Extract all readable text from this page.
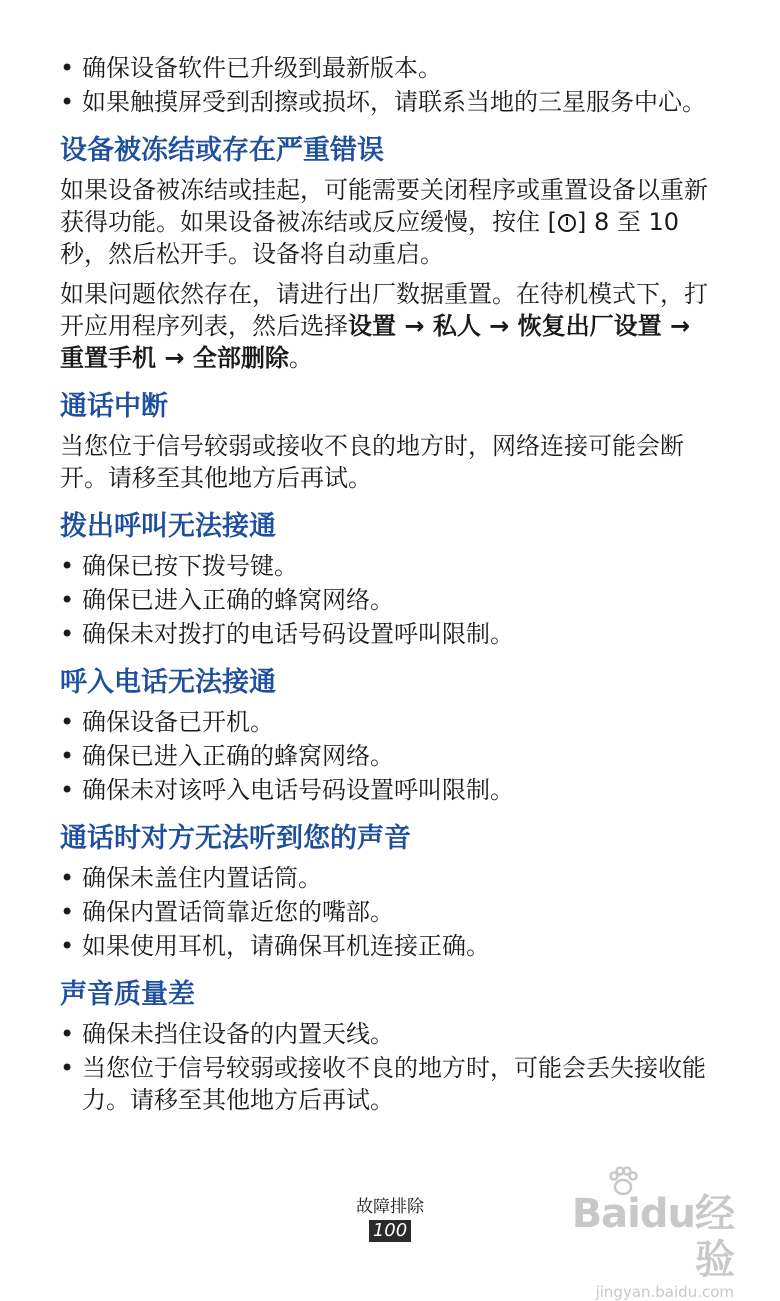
• 确保设备软件已升级到最新版本。
• 如果触摸屏受到刮擦或损坏，请联系当地的三星服务中心。
设备被冻结或存在严重错误

如果设备被冻结或挂起，可能需要关闭程序或重置设备以重新获得功能。如果设备被冻结或反应缓慢，按住 [ ] 8 至 10 秒，然后松开手。设备将自动重启。

如果问题依然存在，请进行出厂数据重置。在待机模式下，打开应用程序列表，然后选择设置 → 私人 → 恢复出厂设置 → 重置手机 → 全部删除。

通话中断

当您位于信号较弱或接收不良的地方时，网络连接可能会断开。请移至其他地方后再试。

拨出呼叫无法接通
• 确保已按下拨号键。
• 确保已进入正确的蜂窝网络。
• 确保未对拨打的电话号码设置呼叫限制。
呼入电话无法接通
• 确保设备已开机。
• 确保已进入正确的蜂窝网络。
• 确保未对该呼入电话号码设置呼叫限制。
通话时对方无法听到您的声音
• 确保未盖住内置话筒。
• 确保内置话筒靠近您的嘴部。
• 如果使用耳机，请确保耳机连接正确。
声音质量差
• 确保未挡住设备的内置天线。
• 当您位于信号较弱或接收不良的地方时，可能会丢失接收能力。请移至其他地方后再试。
故障排除
100	Baidu经验
jingyan.baidu.com
